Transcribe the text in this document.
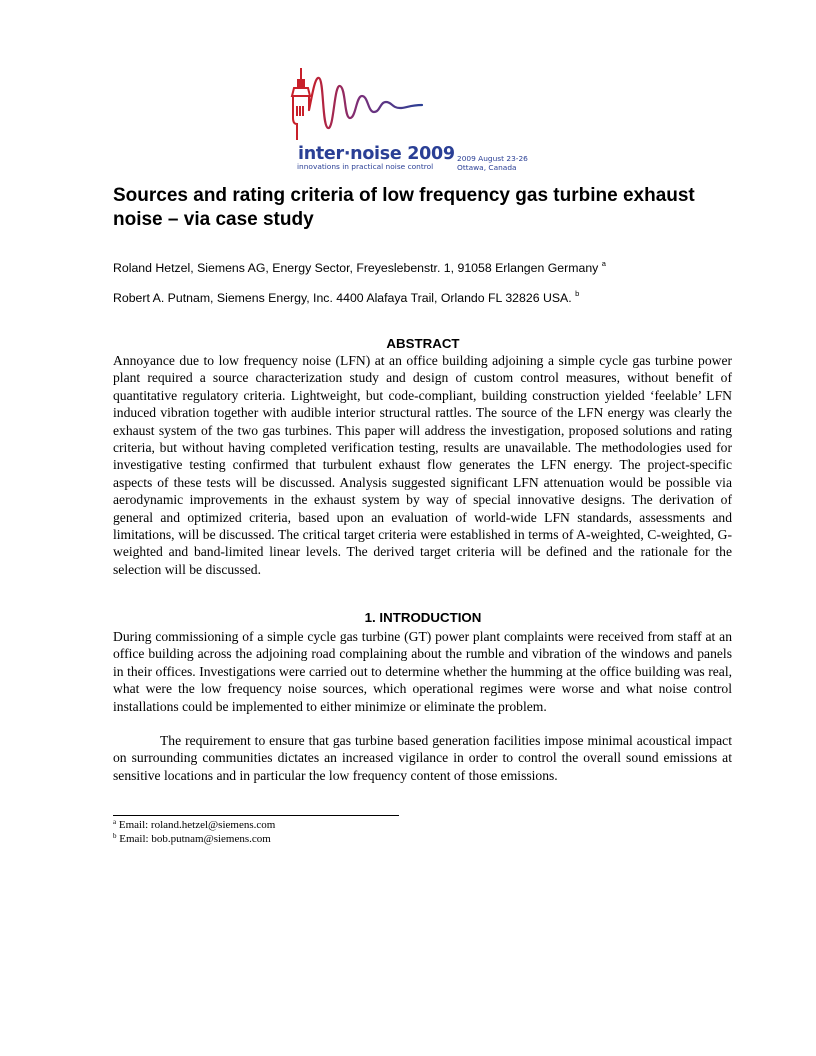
inter·noise 2009
innovations in practical noise control
2009 August 23-26
Ottawa, Canada
Sources and rating criteria of low frequency gas turbine exhaust noise – via case study
Roland Hetzel, Siemens AG, Energy Sector, Freyeslebenstr. 1, 91058 Erlangen Germany $^a$
Robert A. Putnam, Siemens Energy, Inc. 4400 Alafaya Trail, Orlando FL 32826 USA. $^b$
ABSTRACT

Annoyance due to low frequency noise (LFN) at an office building adjoining a simple cycle gas turbine power plant required a source characterization study and design of custom control measures, without benefit of quantitative regulatory criteria. Lightweight, but code-compliant, building construction yielded ‘feelable’ LFN induced vibration together with audible interior structural rattles. The source of the LFN energy was clearly the exhaust system of the two gas turbines. This paper will address the investigation, proposed solutions and rating criteria, but without having completed verification testing, results are unavailable. The methodologies used for investigative testing confirmed that turbulent exhaust flow generates the LFN energy. The project-specific aspects of these tests will be discussed. Analysis suggested significant LFN attenuation would be possible via aerodynamic improvements in the exhaust system by way of special innovative designs. The derivation of general and optimized criteria, based upon an evaluation of world-wide LFN standards, assessments and limitations, will be discussed. The critical target criteria were established in terms of A-weighted, C-weighted, G-weighted and band-limited linear levels. The derived target criteria will be defined and the rationale for the selection will be discussed.

1. INTRODUCTION

During commissioning of a simple cycle gas turbine (GT) power plant complaints were received from staff at an office building across the adjoining road complaining about the rumble and vibration of the windows and panels in their offices. Investigations were carried out to determine whether the humming at the office building was real, what were the low frequency noise sources, which operational regimes were worse and what noise control installations could be implemented to either minimize or eliminate the problem.

The requirement to ensure that gas turbine based generation facilities impose minimal acoustical impact on surrounding communities dictates an increased vigilance in order to control the overall sound emissions at sensitive locations and in particular the low frequency content of those emissions.

$^a$ Email: roland.hetzel@siemens.com
$^b$ Email: bob.putnam@siemens.com
